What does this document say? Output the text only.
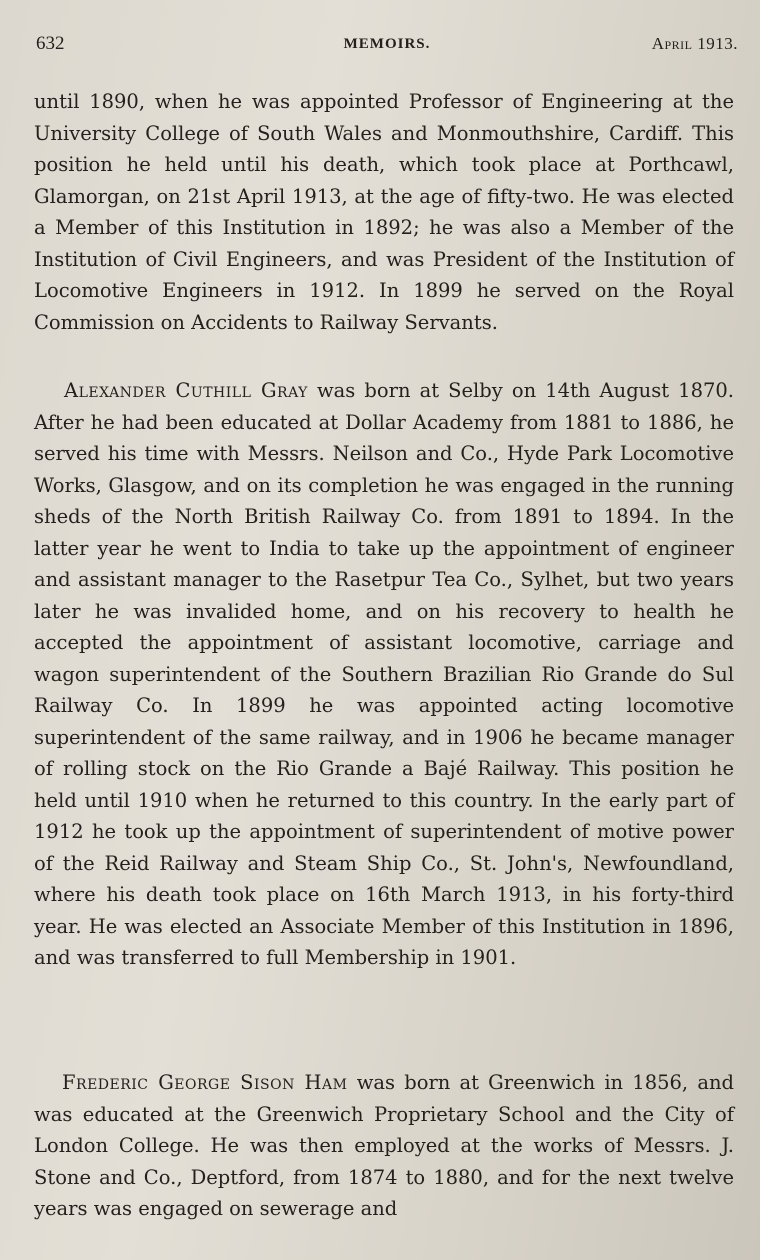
632	MEMOIRS.	April 1913.

until 1890, when he was appointed Professor of Engineering at the University College of South Wales and Monmouthshire, Cardiff. This position he held until his death, which took place at Porthcawl, Glamorgan, on 21st April 1913, at the age of fifty-two. He was elected a Member of this Institution in 1892; he was also a Member of the Institution of Civil Engineers, and was President of the Institution of Locomotive Engineers in 1912. In 1899 he served on the Royal Commission on Accidents to Railway Servants.

Alexander Cuthill Gray was born at Selby on 14th August 1870. After he had been educated at Dollar Academy from 1881 to 1886, he served his time with Messrs. Neilson and Co., Hyde Park Locomotive Works, Glasgow, and on its completion he was engaged in the running sheds of the North British Railway Co. from 1891 to 1894. In the latter year he went to India to take up the appointment of engineer and assistant manager to the Rasetpur Tea Co., Sylhet, but two years later he was invalided home, and on his recovery to health he accepted the appointment of assistant locomotive, carriage and wagon superintendent of the Southern Brazilian Rio Grande do Sul Railway Co. In 1899 he was appointed acting locomotive superintendent of the same railway, and in 1906 he became manager of rolling stock on the Rio Grande a Bajé Railway. This position he held until 1910 when he returned to this country. In the early part of 1912 he took up the appointment of superintendent of motive power of the Reid Railway and Steam Ship Co., St. John's, Newfoundland, where his death took place on 16th March 1913, in his forty-third year. He was elected an Associate Member of this Institution in 1896, and was transferred to full Membership in 1901.

Frederic George Sison Ham was born at Greenwich in 1856, and was educated at the Greenwich Proprietary School and the City of London College. He was then employed at the works of Messrs. J. Stone and Co., Deptford, from 1874 to 1880, and for the next twelve years was engaged on sewerage and
